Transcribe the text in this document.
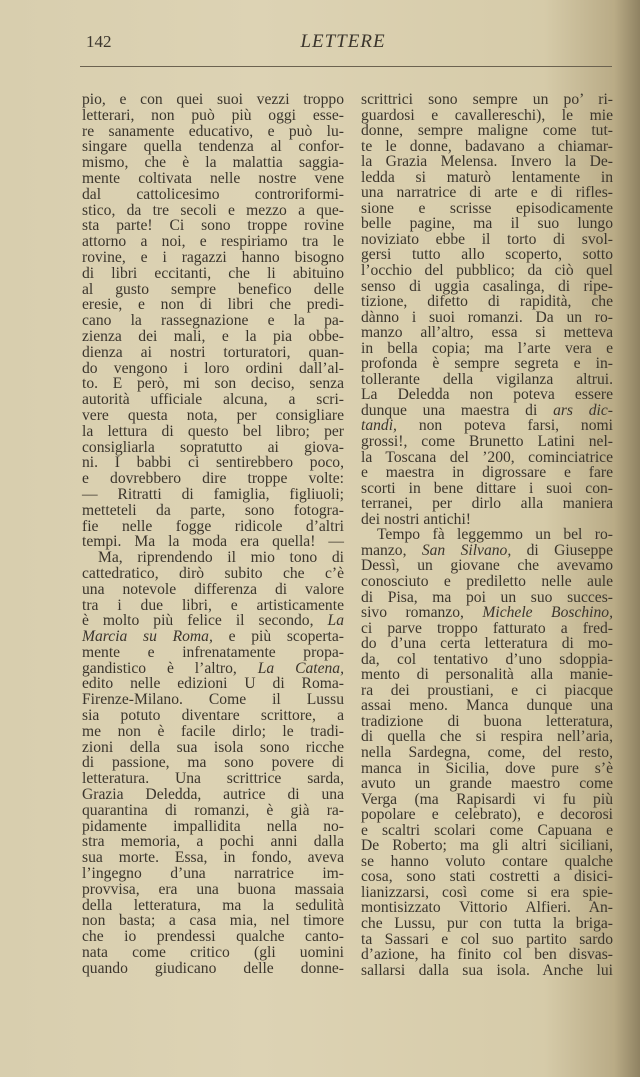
142	LETTERE
pio, e con quei suoi vezzi troppo
letterari, non può più oggi esse-
re sanamente educativo, e può lu-
singare quella tendenza al confor-
mismo, che è la malattia saggia-
mente coltivata nelle nostre vene
dal cattolicesimo controriformi-
stico, da tre secoli e mezzo a que-
sta parte! Ci sono troppe rovine
attorno a noi, e respiriamo tra le
rovine, e i ragazzi hanno bisogno
di libri eccitanti, che li abituino
al gusto sempre benefico delle
eresie, e non di libri che predi-
cano la rassegnazione e la pa-
zienza dei mali, e la pia obbe-
dienza ai nostri torturatori, quan-
do vengono i loro ordini dall’al-
to. E però, mi son deciso, senza
autorità ufficiale alcuna, a scri-
vere questa nota, per consigliare
la lettura di questo bel libro; per
consigliarla sopratutto ai giova-
ni. I babbi ci sentirebbero poco,
e dovrebbero dire troppe volte:
— Ritratti di famiglia, figliuoli;
metteteli da parte, sono fotogra-
fie nelle fogge ridicole d’altri
tempi. Ma la moda era quella! —
Ma, riprendendo il mio tono di
cattedratico, dirò subito che c’è
una notevole differenza di valore
tra i due libri, e artisticamente
è molto più felice il secondo, La
Marcia su Roma, e più scoperta-
mente e infrenatamente propa-
gandistico è l’altro, La Catena,
edito nelle edizioni U di Roma-
Firenze-Milano. Come il Lussu
sia potuto diventare scrittore, a
me non è facile dirlo; le tradi-
zioni della sua isola sono ricche
di passione, ma sono povere di
letteratura. Una scrittrice sarda,
Grazia Deledda, autrice di una
quarantina di romanzi, è già ra-
pidamente impallidita nella no-
stra memoria, a pochi anni dalla
sua morte. Essa, in fondo, aveva
l’ingegno d’una narratrice im-
provvisa, era una buona massaia
della letteratura, ma la sedulità
non basta; a casa mia, nel timore
che io prendessi qualche canto-
nata come critico (gli uomini
quando giudicano delle donne-
scrittrici sono sempre un po’ ri-
guardosi e cavallereschi), le mie
donne, sempre maligne come tut-
te le donne, badavano a chiamar-
la Grazia Melensa. Invero la De-
ledda si maturò lentamente in
una narratrice di arte e di rifles-
sione e scrisse episodicamente
belle pagine, ma il suo lungo
noviziato ebbe il torto di svol-
gersi tutto allo scoperto, sotto
l’occhio del pubblico; da ciò quel
senso di uggia casalinga, di ripe-
tizione, difetto di rapidità, che
dànno i suoi romanzi. Da un ro-
manzo all’altro, essa si metteva
in bella copia; ma l’arte vera e
profonda è sempre segreta e in-
tollerante della vigilanza altrui.
La Deledda non poteva essere
dunque una maestra di ars dic-
tandi, non poteva farsi, nomi
grossi!, come Brunetto Latini nel-
la Toscana del ’200, cominciatrice
e maestra in digrossare e fare
scorti in bene dittare i suoi con-
terranei, per dirlo alla maniera
dei nostri antichi!
Tempo fà leggemmo un bel ro-
manzo, San Silvano, di Giuseppe
Dessì, un giovane che avevamo
conosciuto e prediletto nelle aule
di Pisa, ma poi un suo succes-
sivo romanzo, Michele Boschino,
ci parve troppo fatturato a fred-
do d’una certa letteratura di mo-
da, col tentativo d’uno sdoppia-
mento di personalità alla manie-
ra dei proustiani, e ci piacque
assai meno. Manca dunque una
tradizione di buona letteratura,
di quella che si respira nell’aria,
nella Sardegna, come, del resto,
manca in Sicilia, dove pure s’è
avuto un grande maestro come
Verga (ma Rapisardi vi fu più
popolare e celebrato), e decorosi
e scaltri scolari come Capuana e
De Roberto; ma gli altri siciliani,
se hanno voluto contare qualche
cosa, sono stati costretti a disici-
lianizzarsi, così come si era spie-
montisizzato Vittorio Alfieri. An-
che Lussu, pur con tutta la briga-
ta Sassari e col suo partito sardo
d’azione, ha finito col ben disvas-
sallarsi dalla sua isola. Anche lui
